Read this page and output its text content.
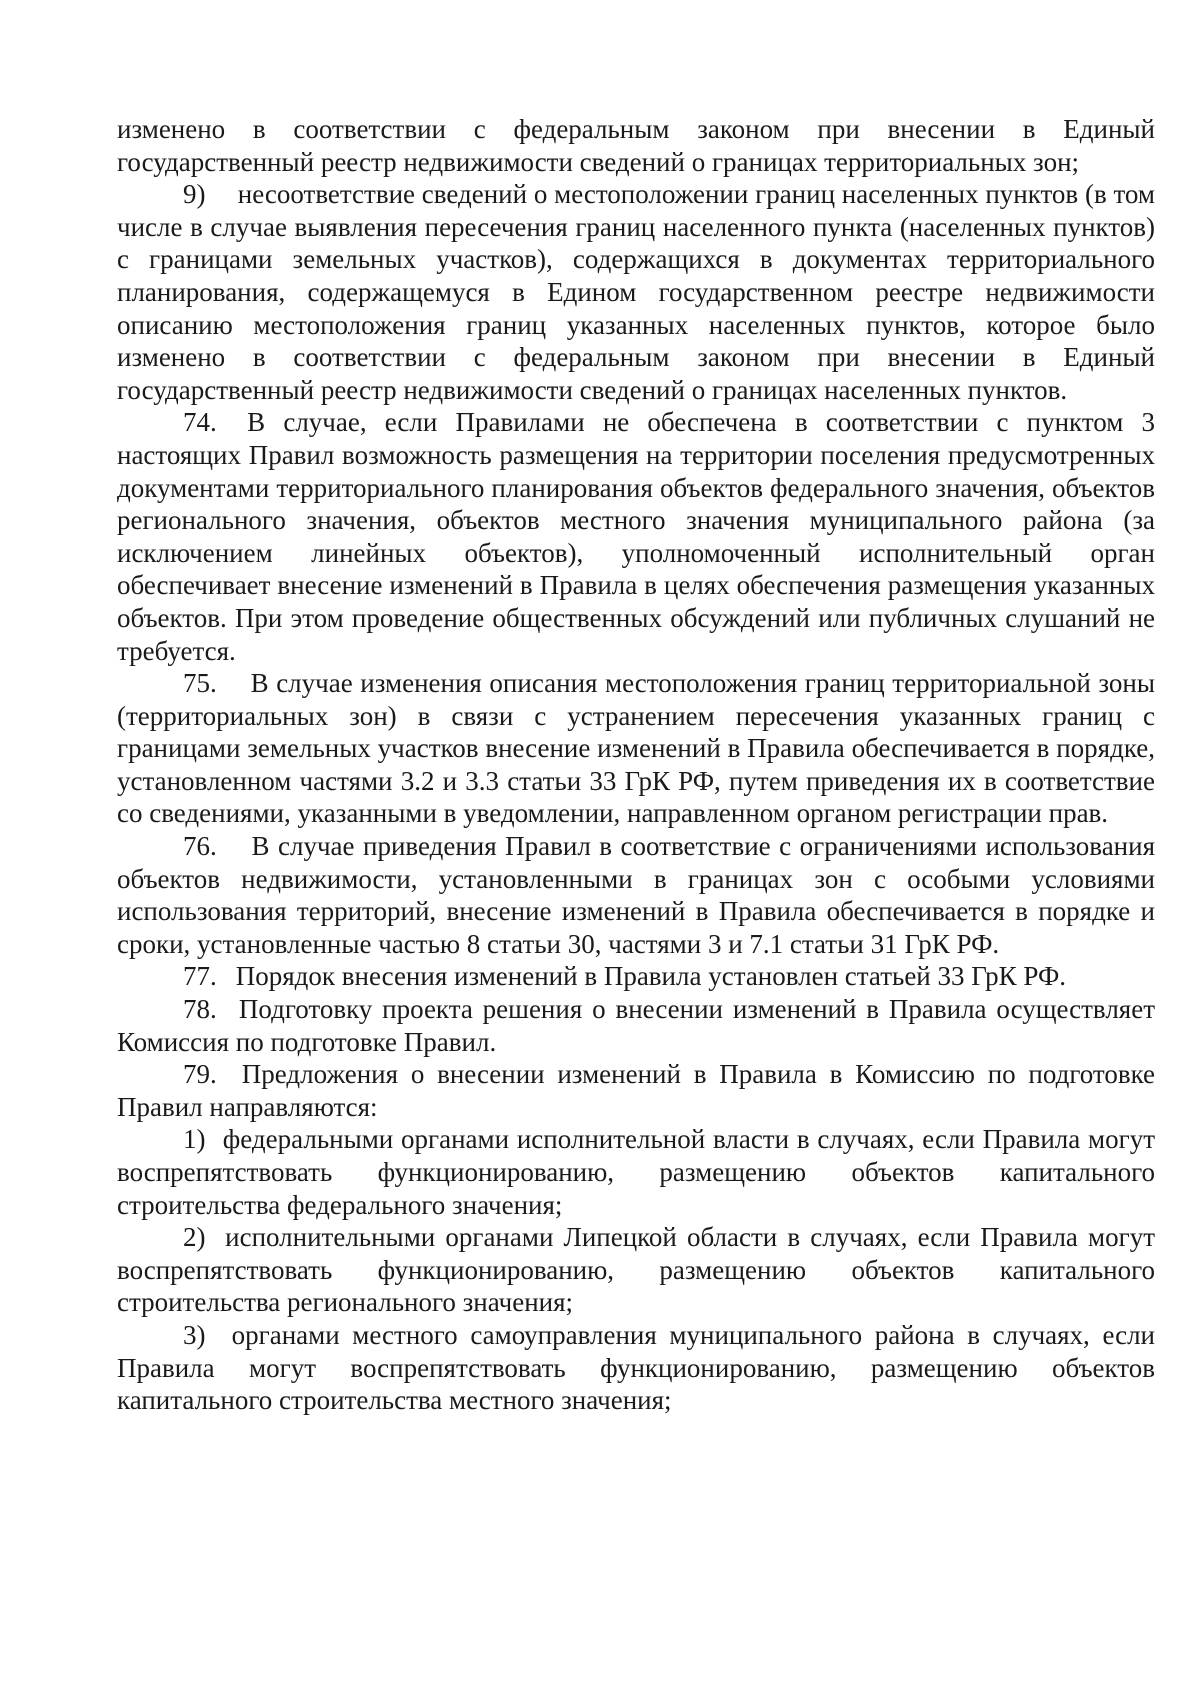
изменено в соответствии с федеральным законом при внесении в Единый государственный реестр недвижимости сведений о границах территориальных зон;

9) несоответствие сведений о местоположении границ населенных пунктов (в том числе в случае выявления пересечения границ населенного пункта (населенных пунктов) с границами земельных участков), содержащихся в документах территориального планирования, содержащемуся в Едином государственном реестре недвижимости описанию местоположения границ указанных населенных пунктов, которое было изменено в соответствии с федеральным законом при внесении в Единый государственный реестр недвижимости сведений о границах населенных пунктов.

74. В случае, если Правилами не обеспечена в соответствии с пунктом 3 настоящих Правил возможность размещения на территории поселения предусмотренных документами территориального планирования объектов федерального значения, объектов регионального значения, объектов местного значения муниципального района (за исключением линейных объектов), уполномоченный исполнительный орган обеспечивает внесение изменений в Правила в целях обеспечения размещения указанных объектов. При этом проведение общественных обсуждений или публичных слушаний не требуется.

75. В случае изменения описания местоположения границ территориальной зоны (территориальных зон) в связи с устранением пересечения указанных границ с границами земельных участков внесение изменений в Правила обеспечивается в порядке, установленном частями 3.2 и 3.3 статьи 33 ГрК РФ, путем приведения их в соответствие со сведениями, указанными в уведомлении, направленном органом регистрации прав.

76. В случае приведения Правил в соответствие с ограничениями использования объектов недвижимости, установленными в границах зон с особыми условиями использования территорий, внесение изменений в Правила обеспечивается в порядке и сроки, установленные частью 8 статьи 30, частями 3 и 7.1 статьи 31 ГрК РФ.

77. Порядок внесения изменений в Правила установлен статьей 33 ГрК РФ.

78. Подготовку проекта решения о внесении изменений в Правила осуществляет Комиссия по подготовке Правил.

79. Предложения о внесении изменений в Правила в Комиссию по подготовке Правил направляются:

1) федеральными органами исполнительной власти в случаях, если Правила могут воспрепятствовать функционированию, размещению объектов капитального строительства федерального значения;

2) исполнительными органами Липецкой области в случаях, если Правила могут воспрепятствовать функционированию, размещению объектов капитального строительства регионального значения;

3) органами местного самоуправления муниципального района в случаях, если Правила могут воспрепятствовать функционированию, размещению объектов капитального строительства местного значения;
